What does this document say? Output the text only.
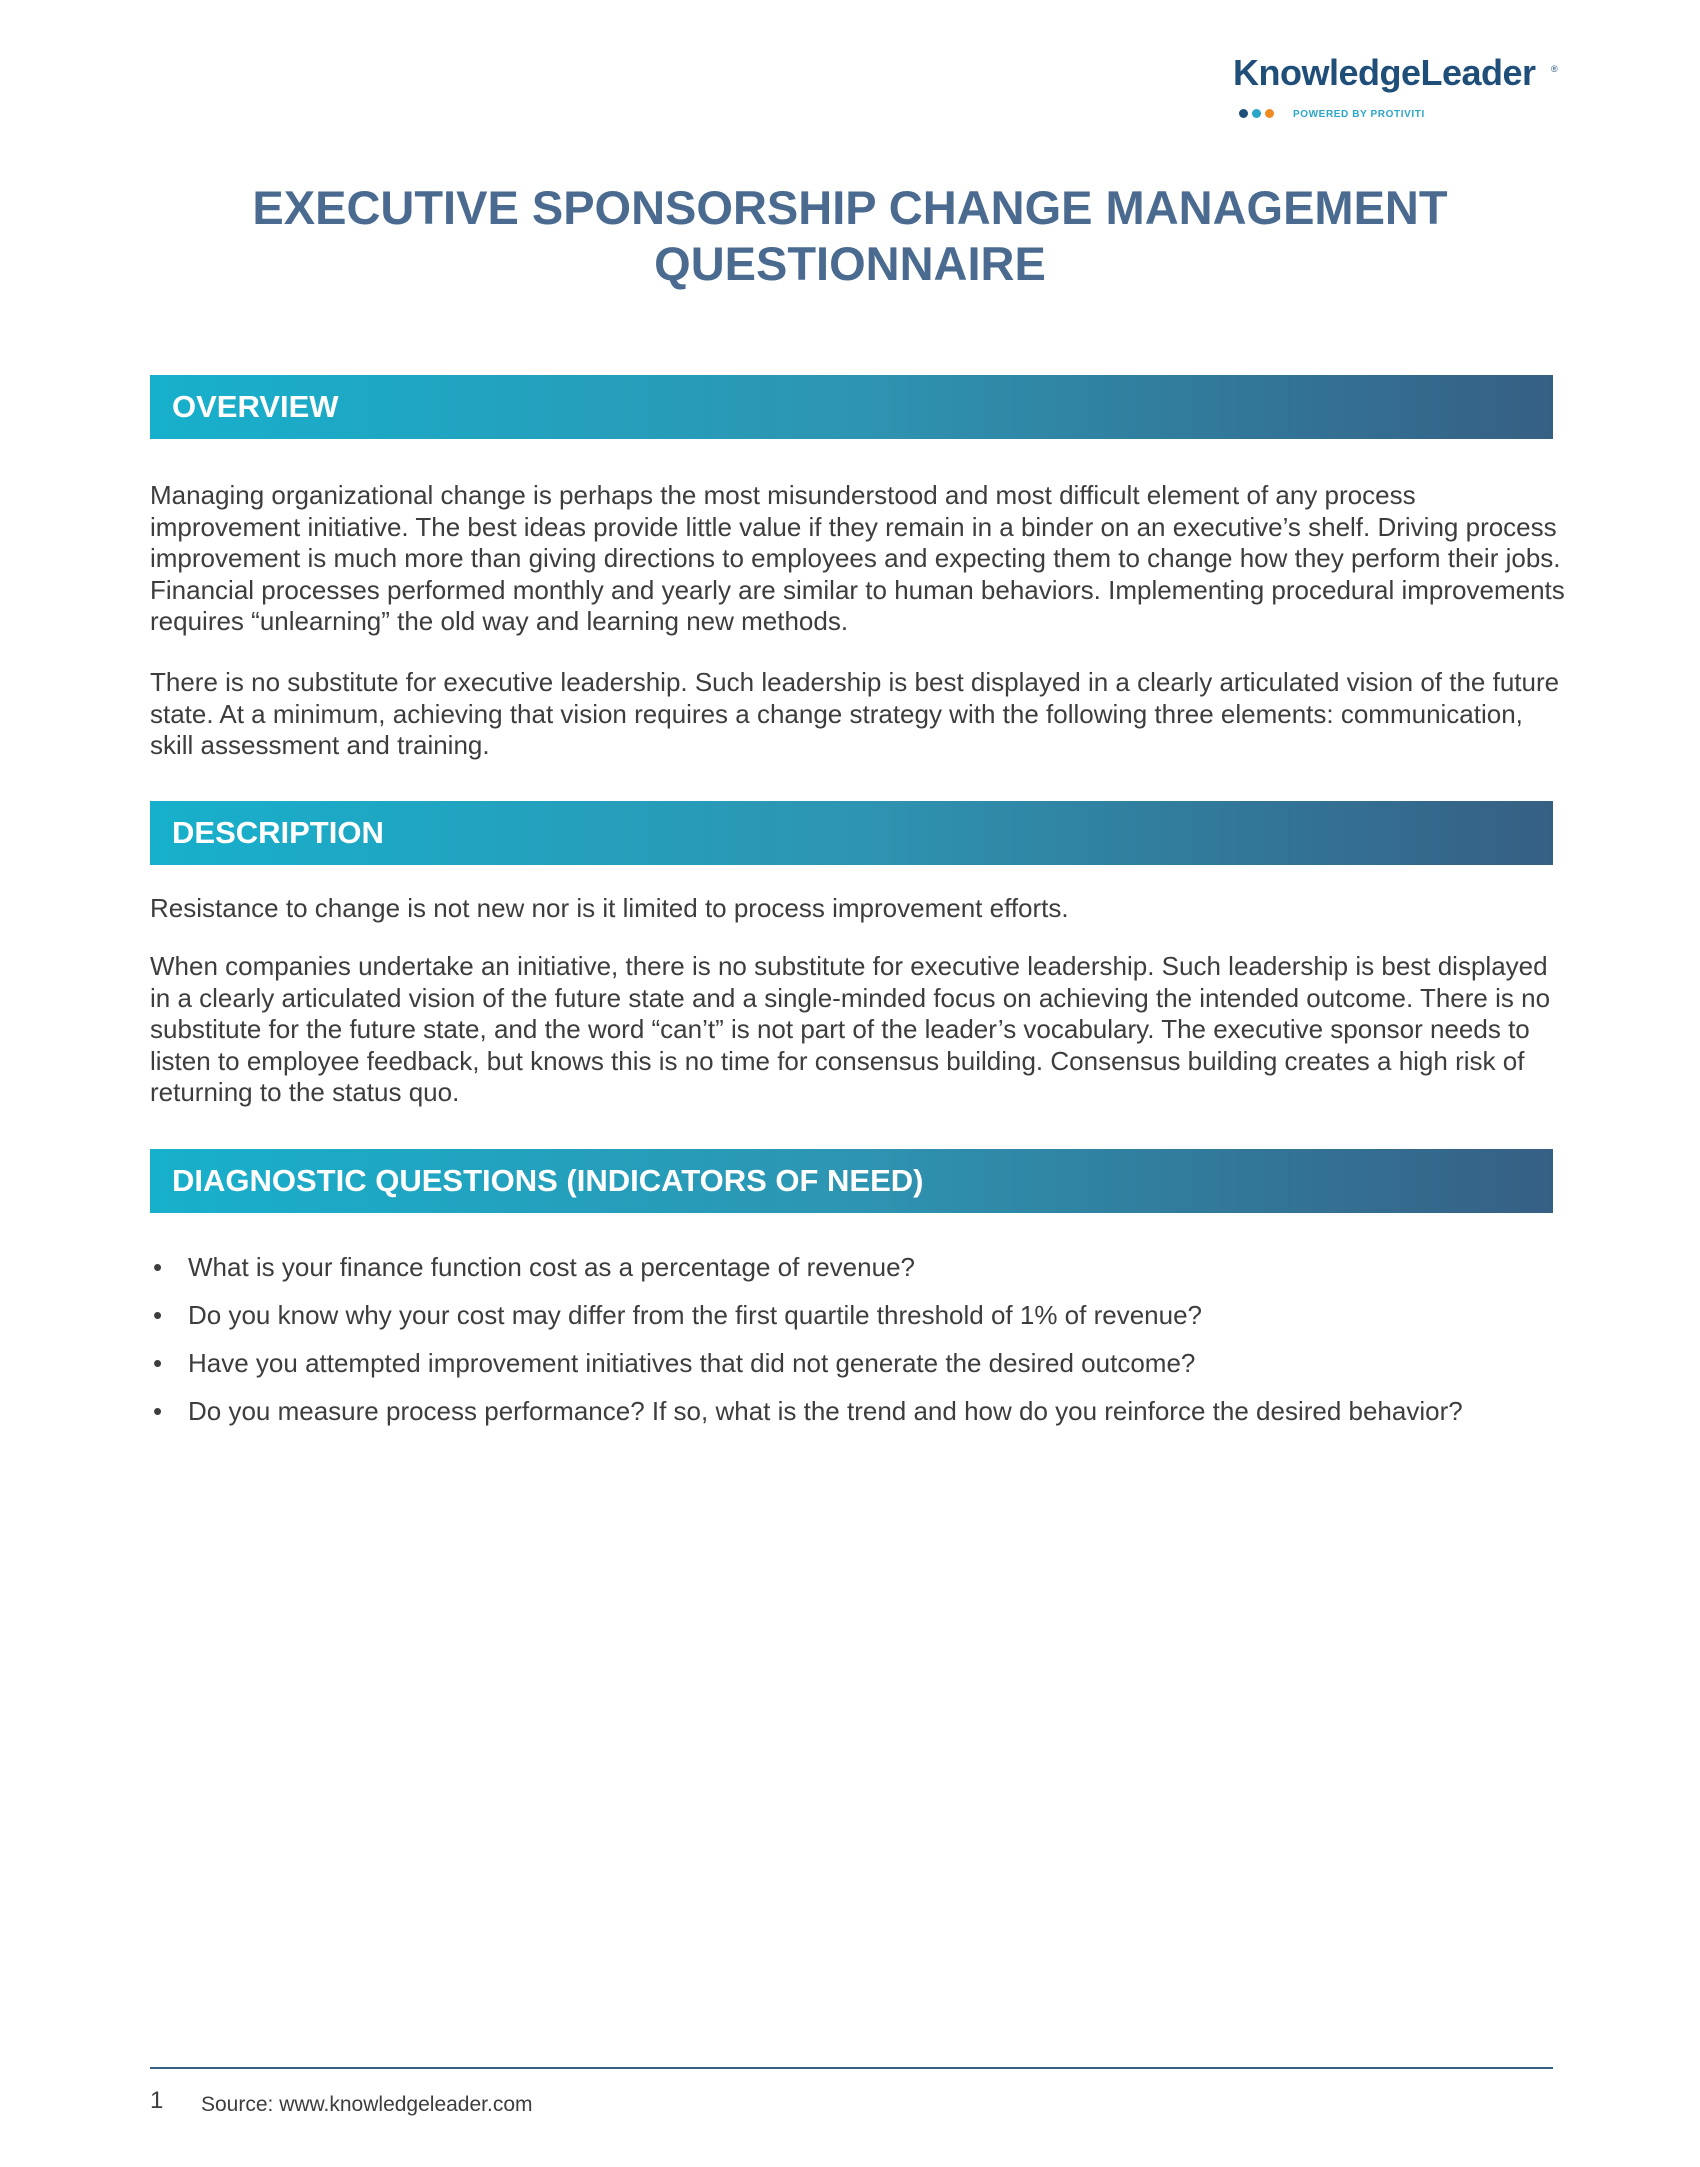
KnowledgeLeader ®
POWERED BY PROTIVITI
EXECUTIVE SPONSORSHIP CHANGE MANAGEMENT QUESTIONNAIRE
OVERVIEW

Managing organizational change is perhaps the most misunderstood and most difficult element of any process improvement initiative. The best ideas provide little value if they remain in a binder on an executive’s shelf. Driving process improvement is much more than giving directions to employees and expecting them to change how they perform their jobs. Financial processes performed monthly and yearly are similar to human behaviors. Implementing procedural improvements requires “unlearning” the old way and learning new methods.

There is no substitute for executive leadership. Such leadership is best displayed in a clearly articulated vision of the future state. At a minimum, achieving that vision requires a change strategy with the following three elements: communication, skill assessment and training.

DESCRIPTION

Resistance to change is not new nor is it limited to process improvement efforts.

When companies undertake an initiative, there is no substitute for executive leadership. Such leadership is best displayed in a clearly articulated vision of the future state and a single-minded focus on achieving the intended outcome. There is no substitute for the future state, and the word “can’t” is not part of the leader’s vocabulary. The executive sponsor needs to listen to employee feedback, but knows this is no time for consensus building. Consensus building creates a high risk of returning to the status quo.

DIAGNOSTIC QUESTIONS (INDICATORS OF NEED)
• What is your finance function cost as a percentage of revenue?
• Do you know why your cost may differ from the first quartile threshold of 1% of revenue?
• Have you attempted improvement initiatives that did not generate the desired outcome?
• Do you measure process performance? If so, what is the trend and how do you reinforce the desired behavior?
1 Source: www.knowledgeleader.com
